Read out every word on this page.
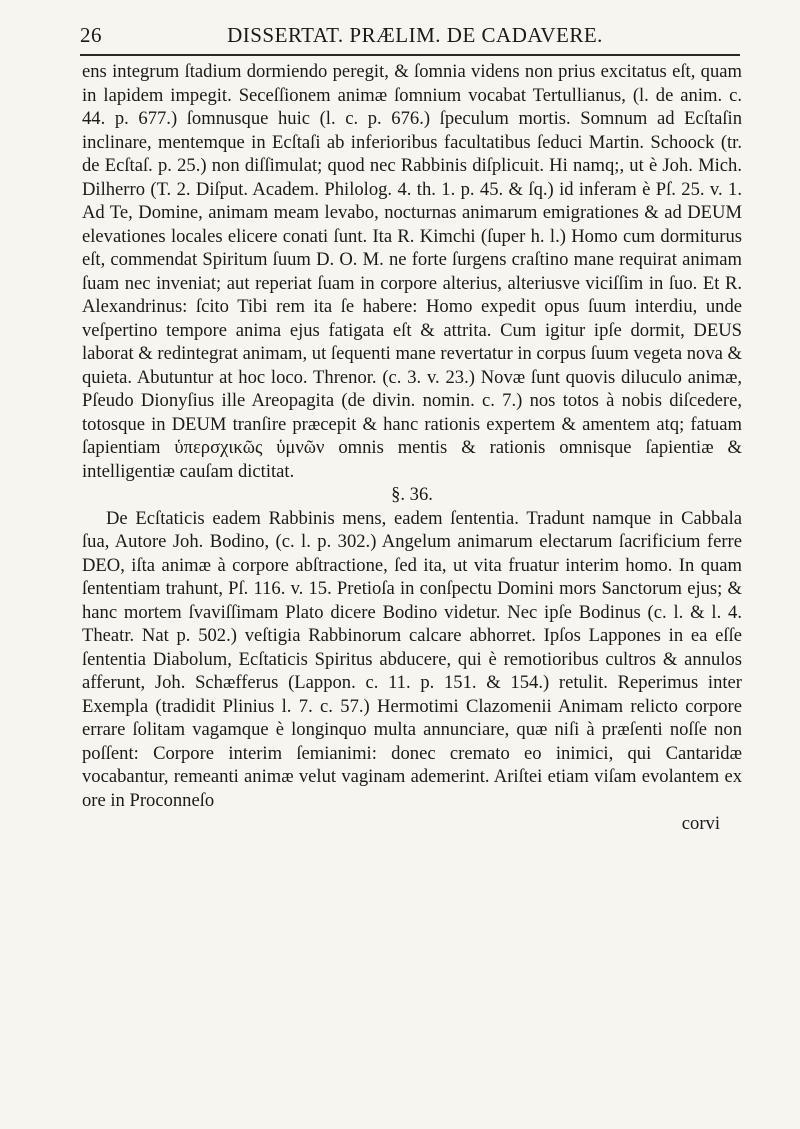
26	DISSERTAT. PRÆLIM. DE CADAVERE.

ens integrum ſtadium dormiendo peregit, & ſomnia videns non prius excitatus eſt, quam in lapidem impegit. Seceſſionem animæ ſomnium vocabat Tertullianus, (l. de anim. c. 44. p. 677.) ſomnusque huic (l. c. p. 676.) ſpeculum mortis. Somnum ad Ecſtaſin inclinare, mentemque in Ecſtaſi ab inferioribus facultatibus ſeduci Martin. Schoock (tr. de Ecſtaſ. p. 25.) non diſſimulat; quod nec Rabbinis diſplicuit. Hi namq;, ut è Joh. Mich. Dilherro (T. 2. Diſput. Academ. Philolog. 4. th. 1. p. 45. & ſq.) id inferam è Pſ. 25. v. 1. Ad Te, Domine, animam meam levabo, nocturnas animarum emigrationes & ad DEUM elevationes locales elicere conati ſunt. Ita R. Kimchi (ſuper h. l.) Homo cum dormiturus eſt, commendat Spiritum ſuum D. O. M. ne forte ſurgens craſtino mane requirat animam ſuam nec inveniat; aut reperiat ſuam in corpore alterius, alteriusve viciſſim in ſuo. Et R. Alexandrinus: ſcito Tibi rem ita ſe habere: Homo expedit opus ſuum interdiu, unde veſpertino tempore anima ejus fatigata eſt & attrita. Cum igitur ipſe dormit, DEUS laborat & redintegrat animam, ut ſequenti mane revertatur in corpus ſuum vegeta nova & quieta. Abutuntur at hoc loco. Threnor. (c. 3. v. 23.) Novæ ſunt quovis diluculo animæ, Pſeudo Dionyſius ille Areopagita (de divin. nomin. c. 7.) nos totos à nobis diſcedere, totosque in DEUM tranſire præcepit & hanc rationis expertem & amentem atq; fatuam ſapientiam ὑπερσχικῶς ὑμνῶν omnis mentis & rationis omnisque ſapientiæ & intelligentiæ cauſam dictitat.

§. 36.

De Ecſtaticis eadem Rabbinis mens, eadem ſententia. Tradunt namque in Cabbala ſua, Autore Joh. Bodino, (c. l. p. 302.) Angelum animarum electarum ſacrificium ferre DEO, iſta animæ à corpore abſtractione, ſed ita, ut vita fruatur interim homo. In quam ſententiam trahunt, Pſ. 116. v. 15. Pretioſa in conſpectu Domini mors Sanctorum ejus; & hanc mortem ſvaviſſimam Plato dicere Bodino videtur. Nec ipſe Bodinus (c. l. & l. 4. Theatr. Nat p. 502.) veſtigia Rabbinorum calcare abhorret. Ipſos Lappones in ea eſſe ſententia Diabolum, Ecſtaticis Spiritus abducere, qui è remotioribus cultros & annulos afferunt, Joh. Schæfferus (Lappon. c. 11. p. 151. & 154.) retulit. Reperimus inter Exempla (tradidit Plinius l. 7. c. 57.) Hermotimi Clazomenii Animam relicto corpore errare ſolitam vagamque è longinquo multa annunciare, quæ niſi à præſenti noſſe non poſſent: Corpore interim ſemianimi: donec cremato eo inimici, qui Cantaridæ vocabantur, remeanti animæ velut vaginam ademerint. Ariſtei etiam viſam evolantem ex ore in Proconneſo

corvi
